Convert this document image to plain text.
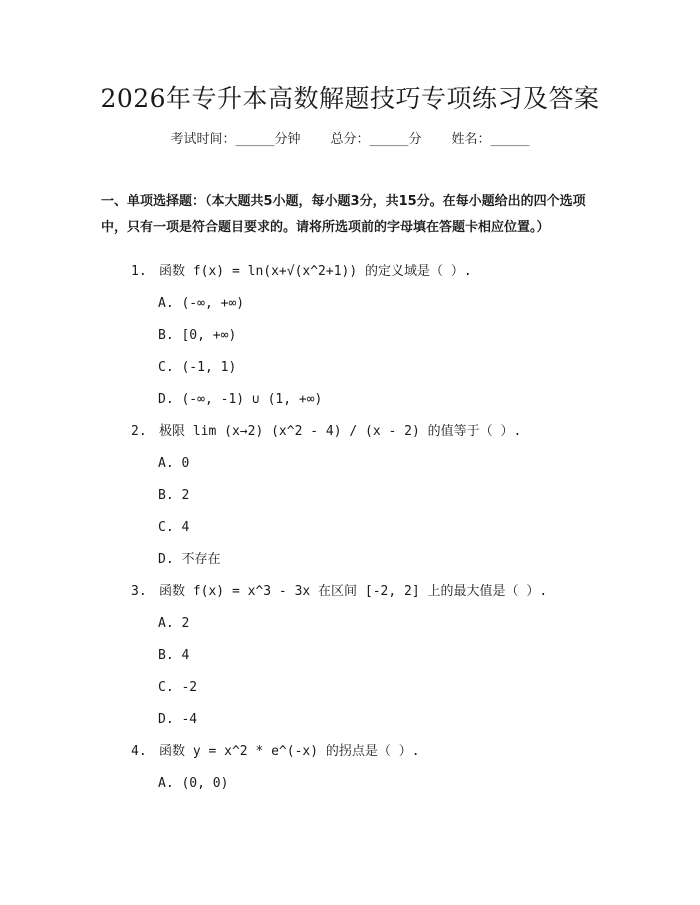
2026年专升本高数解题技巧专项练习及答案
考试时间：______分钟 总分：______分 姓名：______
一、单项选择题：（本大题共5小题，每小题3分，共15分。在每小题给出的四个选项中，只有一项是符合题目要求的。请将所选项前的字母填在答题卡相应位置。）
1. 函数 f(x) = ln(x+√(x^2+1)) 的定义域是（ ）.
A. (-∞, +∞)
B. [0, +∞)
C. (-1, 1)
D. (-∞, -1) ∪ (1, +∞)
2. 极限 lim (x→2) (x^2 - 4) / (x - 2) 的值等于（ ）.
A. 0
B. 2
C. 4
D. 不存在
3. 函数 f(x) = x^3 - 3x 在区间 [-2, 2] 上的最大值是（ ）.
A. 2
B. 4
C. -2
D. -4
4. 函数 y = x^2 * e^(-x) 的拐点是（ ）.
A. (0, 0)
